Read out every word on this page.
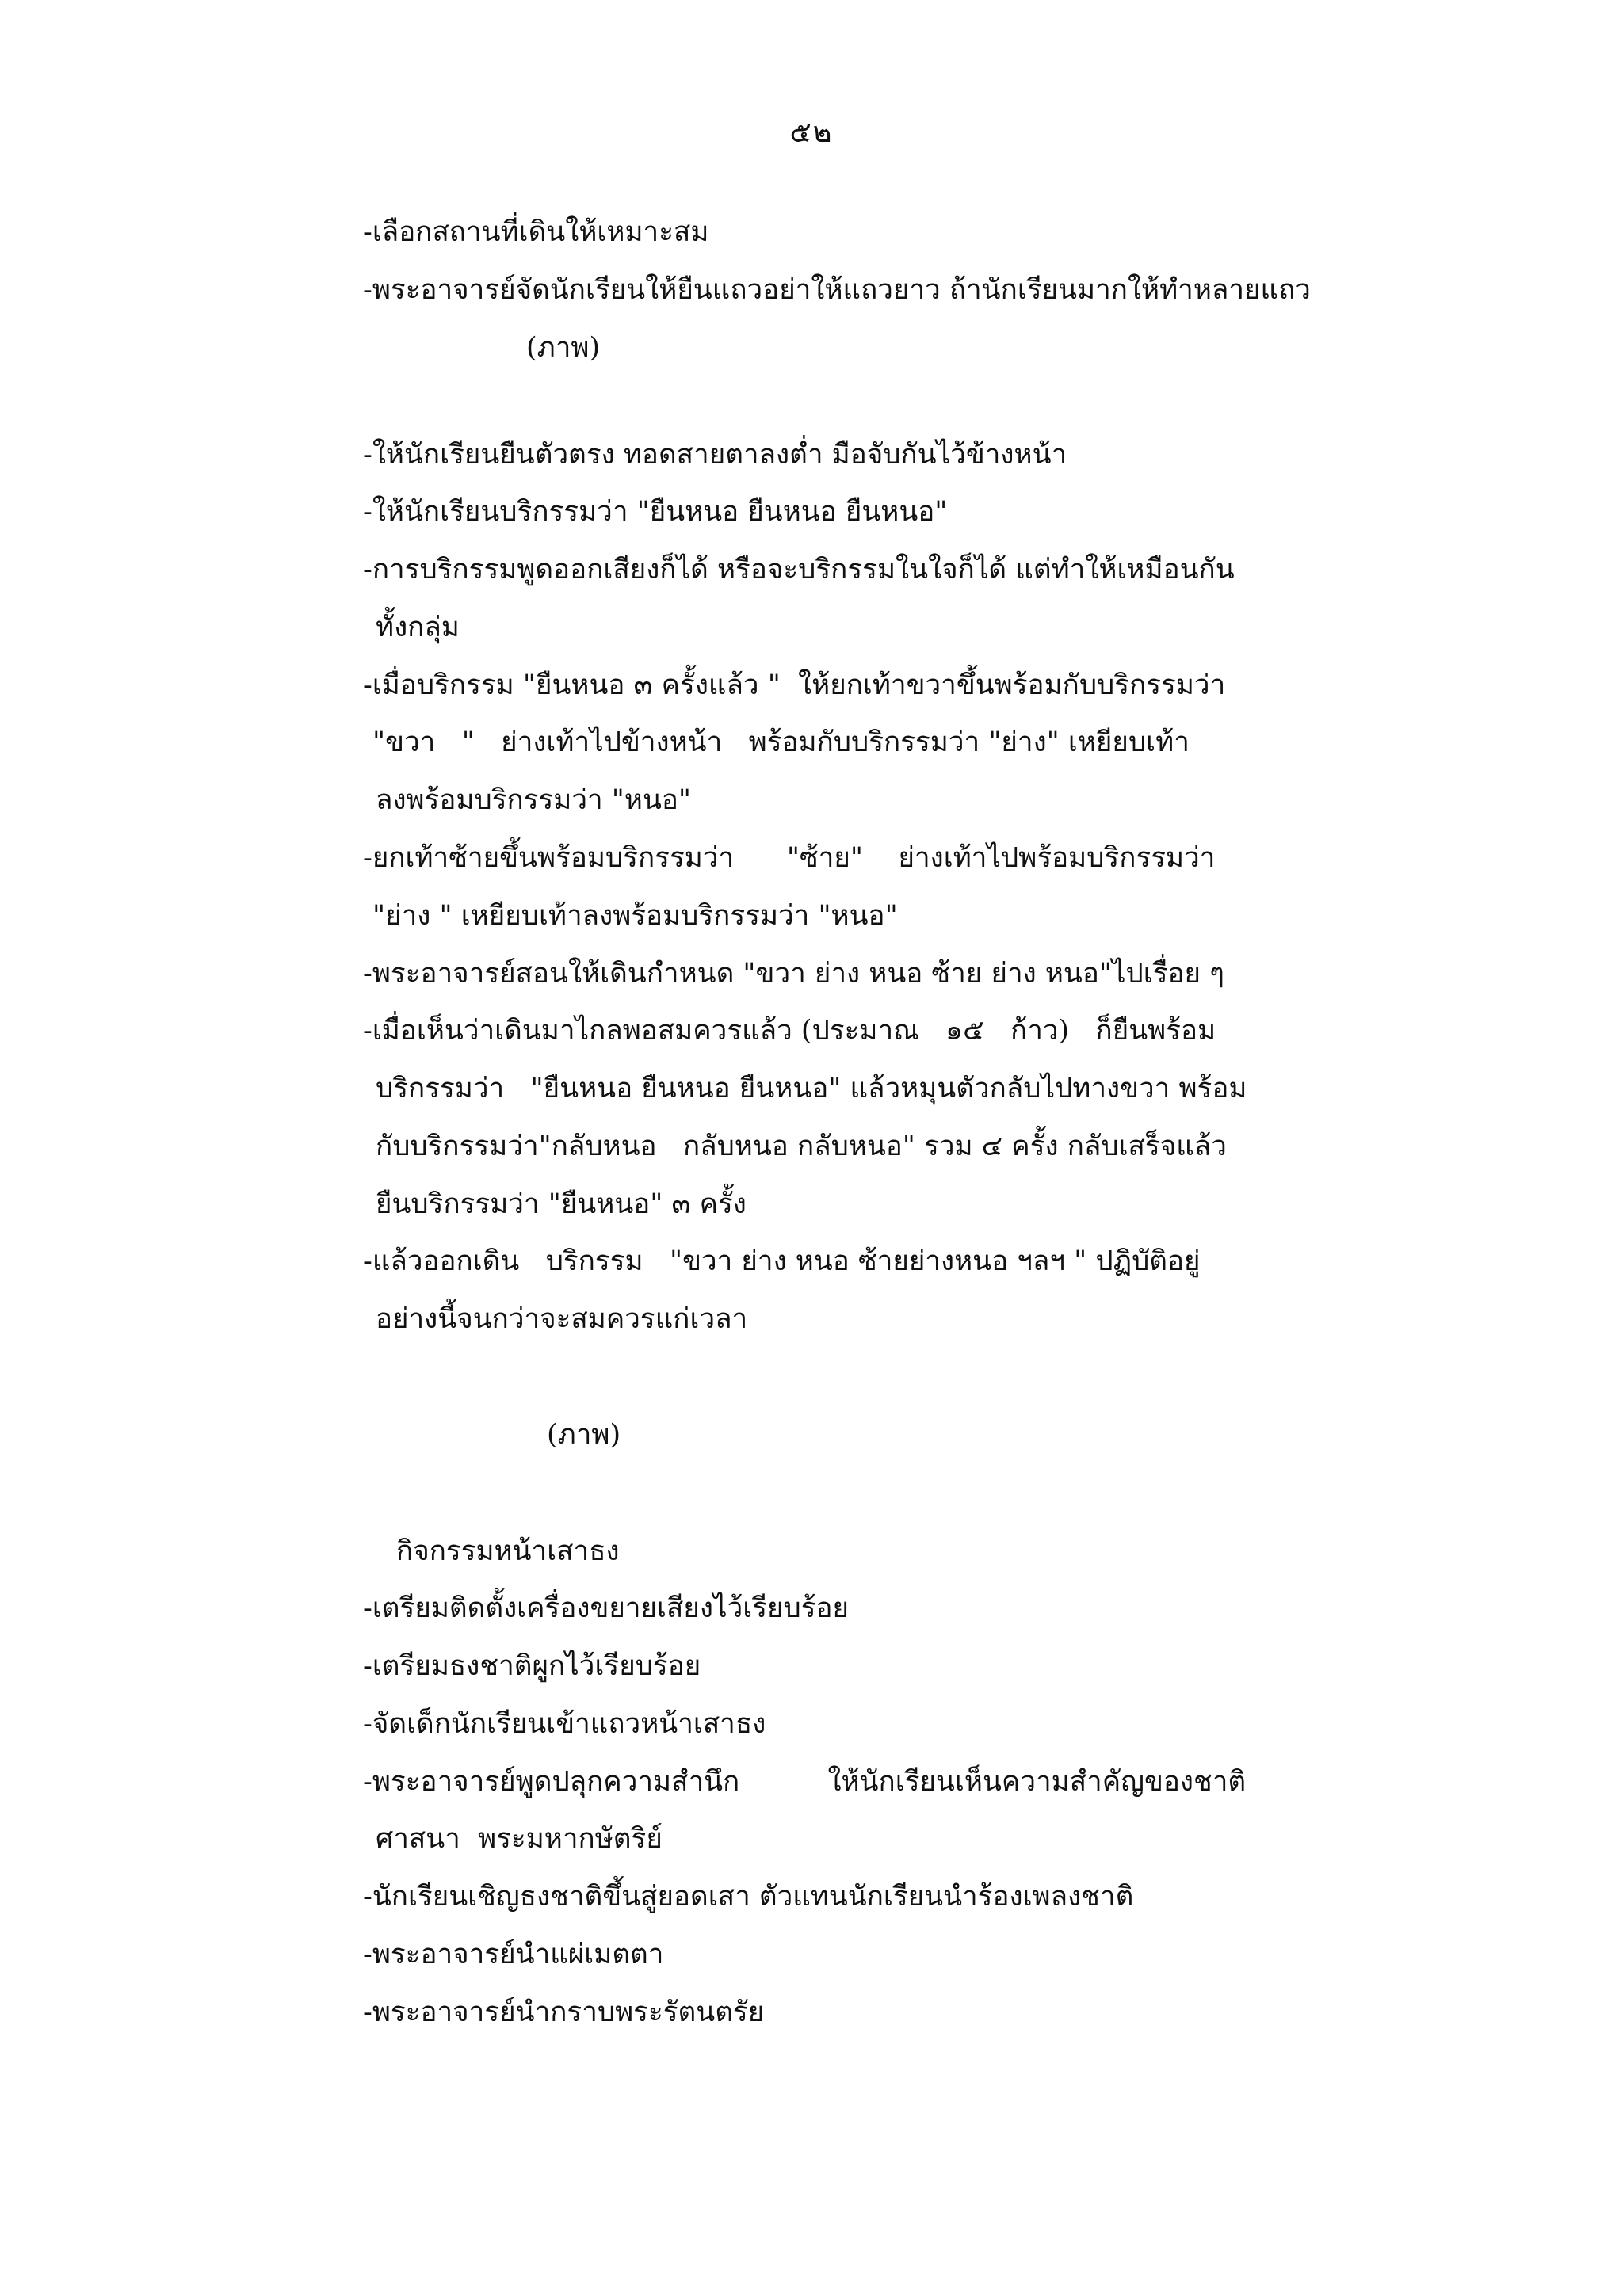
๕๒
-เลือกสถานที่เดินให้เหมาะสม
-พระอาจารย์จัดนักเรียนให้ยืนแถวอย่าให้แถวยาว ถ้านักเรียนมากให้ทำหลายแถว
(ภาพ)
-ให้นักเรียนยืนตัวตรง ทอดสายตาลงต่ำ มือจับกันไว้ข้างหน้า
-ให้นักเรียนบริกรรมว่า "ยืนหนอ ยืนหนอ ยืนหนอ"
-การบริกรรมพูดออกเสียงก็ได้ หรือจะบริกรรมในใจก็ได้ แต่ทำให้เหมือนกัน
ทั้งกลุ่ม
-เมื่อบริกรรม "ยืนหนอ ๓ ครั้งแล้ว "  ให้ยกเท้าขวาขึ้นพร้อมกับบริกรรมว่า
"ขวา   "   ย่างเท้าไปข้างหน้า   พร้อมกับบริกรรมว่า "ย่าง" เหยียบเท้า
ลงพร้อมบริกรรมว่า "หนอ"
-ยกเท้าซ้ายขึ้นพร้อมบริกรรมว่า      "ซ้าย"    ย่างเท้าไปพร้อมบริกรรมว่า
"ย่าง " เหยียบเท้าลงพร้อมบริกรรมว่า "หนอ"
-พระอาจารย์สอนให้เดินกำหนด "ขวา ย่าง หนอ ซ้าย ย่าง หนอ"ไปเรื่อย ๆ
-เมื่อเห็นว่าเดินมาไกลพอสมควรแล้ว (ประมาณ   ๑๕   ก้าว)   ก็ยืนพร้อม
บริกรรมว่า   "ยืนหนอ ยืนหนอ ยืนหนอ" แล้วหมุนตัวกลับไปทางขวา พร้อม
กับบริกรรมว่า"กลับหนอ   กลับหนอ กลับหนอ" รวม ๔ ครั้ง กลับเสร็จแล้ว
ยืนบริกรรมว่า "ยืนหนอ" ๓ ครั้ง
-แล้วออกเดิน   บริกรรม   "ขวา ย่าง หนอ ซ้ายย่างหนอ ฯลฯ " ปฏิบัติอยู่
อย่างนี้จนกว่าจะสมควรแก่เวลา
(ภาพ)
กิจกรรมหน้าเสาธง
-เตรียมติดตั้งเครื่องขยายเสียงไว้เรียบร้อย
-เตรียมธงชาติผูกไว้เรียบร้อย
-จัดเด็กนักเรียนเข้าแถวหน้าเสาธง
-พระอาจารย์พูดปลุกความสำนึก          ให้นักเรียนเห็นความสำคัญของชาติ
ศาสนา  พระมหากษัตริย์
-นักเรียนเชิญธงชาติขึ้นสู่ยอดเสา ตัวแทนนักเรียนนำร้องเพลงชาติ
-พระอาจารย์นำแผ่เมตตา
-พระอาจารย์นำกราบพระรัตนตรัย
